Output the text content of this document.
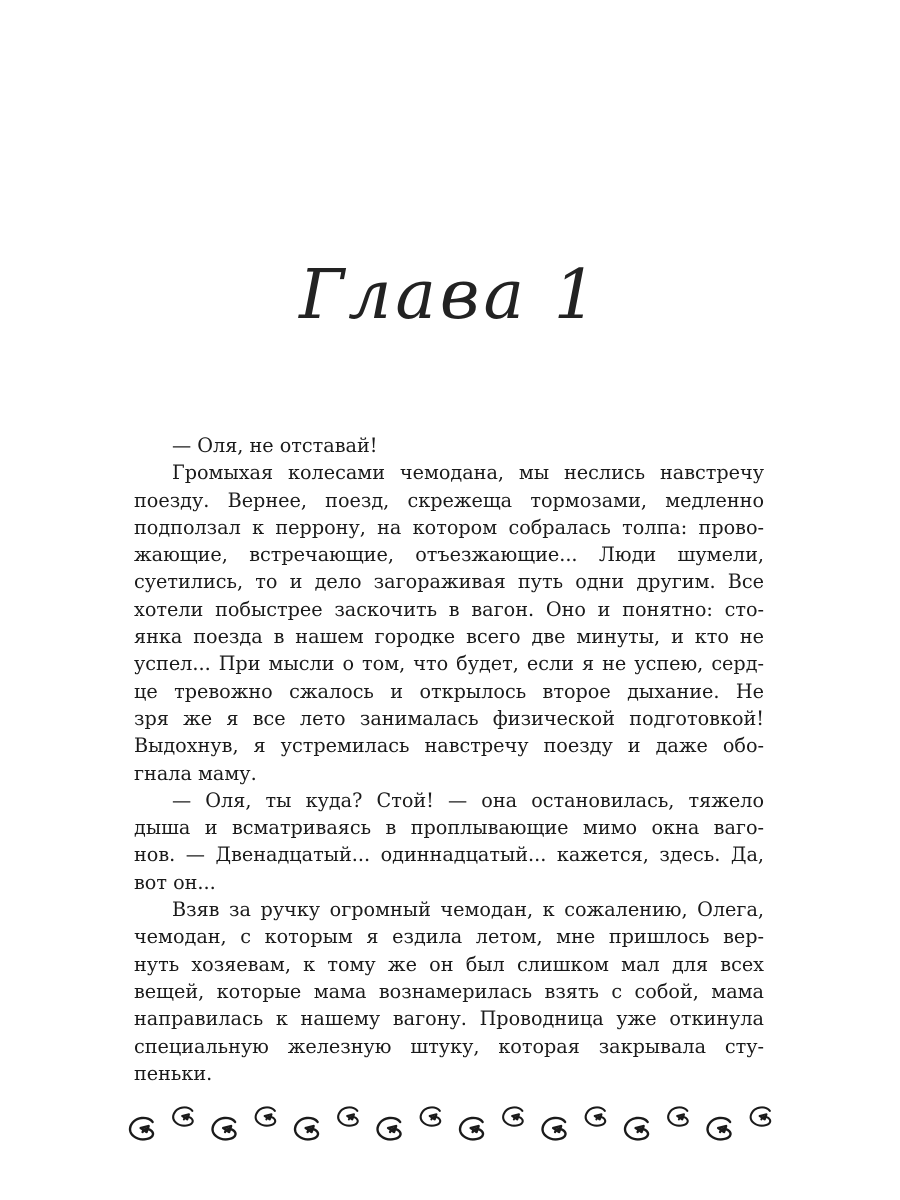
Глава 1

— Оля, не отставай!

Громыхая колесами чемодана, мы неслись навстречу
поезду. Вернее, поезд, скрежеща тормозами, медленно
подползал к перрону, на котором собралась толпа: прово-
жающие, встречающие, отъезжающие... Люди шумели,
суетились, то и дело загораживая путь одни другим. Все
хотели побыстрее заскочить в вагон. Оно и понятно: сто-
янка поезда в нашем городке всего две минуты, и кто не
успел... При мысли о том, что будет, если я не успею, серд-
це тревожно сжалось и открылось второе дыхание. Не
зря же я все лето занималась физической подготовкой!
Выдохнув, я устремилась навстречу поезду и даже обо-
гнала маму.

— Оля, ты куда? Стой! — она остановилась, тяжело
дыша и всматриваясь в проплывающие мимо окна ваго-
нов. — Двенадцатый... одиннадцатый... кажется, здесь. Да,
вот он...

Взяв за ручку огромный чемодан, к сожалению, Олега,
чемодан, с которым я ездила летом, мне пришлось вер-
нуть хозяевам, к тому же он был слишком мал для всех
вещей, которые мама вознамерилась взять с собой, мама
направилась к нашему вагону. Проводница уже откинула
специальную железную штуку, которая закрывала сту-
пеньки.
